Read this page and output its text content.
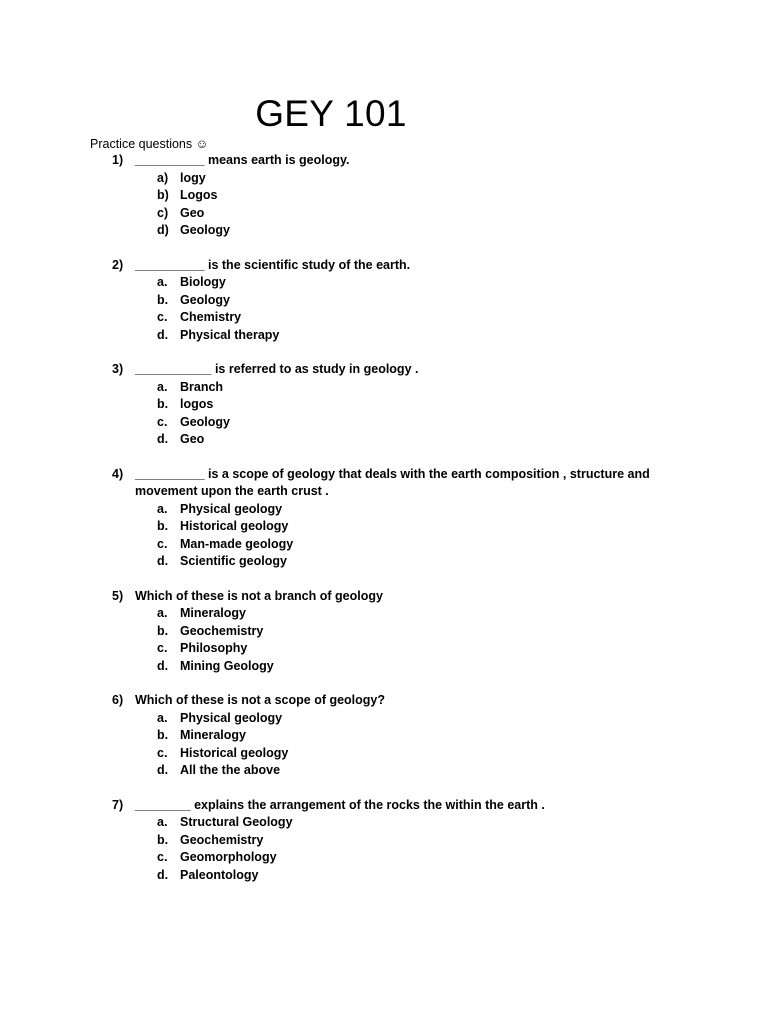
GEY 101
Practice questions ☺
1) __________ means earth is geology.
a) logy
b) Logos
c) Geo
d) Geology
2) __________ is the scientific study of the earth.
a. Biology
b. Geology
c. Chemistry
d. Physical therapy
3) ___________ is referred to as study in geology .
a. Branch
b. logos
c. Geology
d. Geo
4) __________ is a scope of geology that deals with the earth composition , structure and movement upon the earth crust .
a. Physical geology
b. Historical geology
c. Man-made geology
d. Scientific geology
5) Which of these is not a branch of geology
a. Mineralogy
b. Geochemistry
c. Philosophy
d. Mining Geology
6) Which of these is not a scope of geology?
a. Physical geology
b. Mineralogy
c. Historical geology
d. All the the above
7) ________ explains the arrangement of the rocks the within the earth .
a. Structural Geology
b. Geochemistry
c. Geomorphology
d. Paleontology
